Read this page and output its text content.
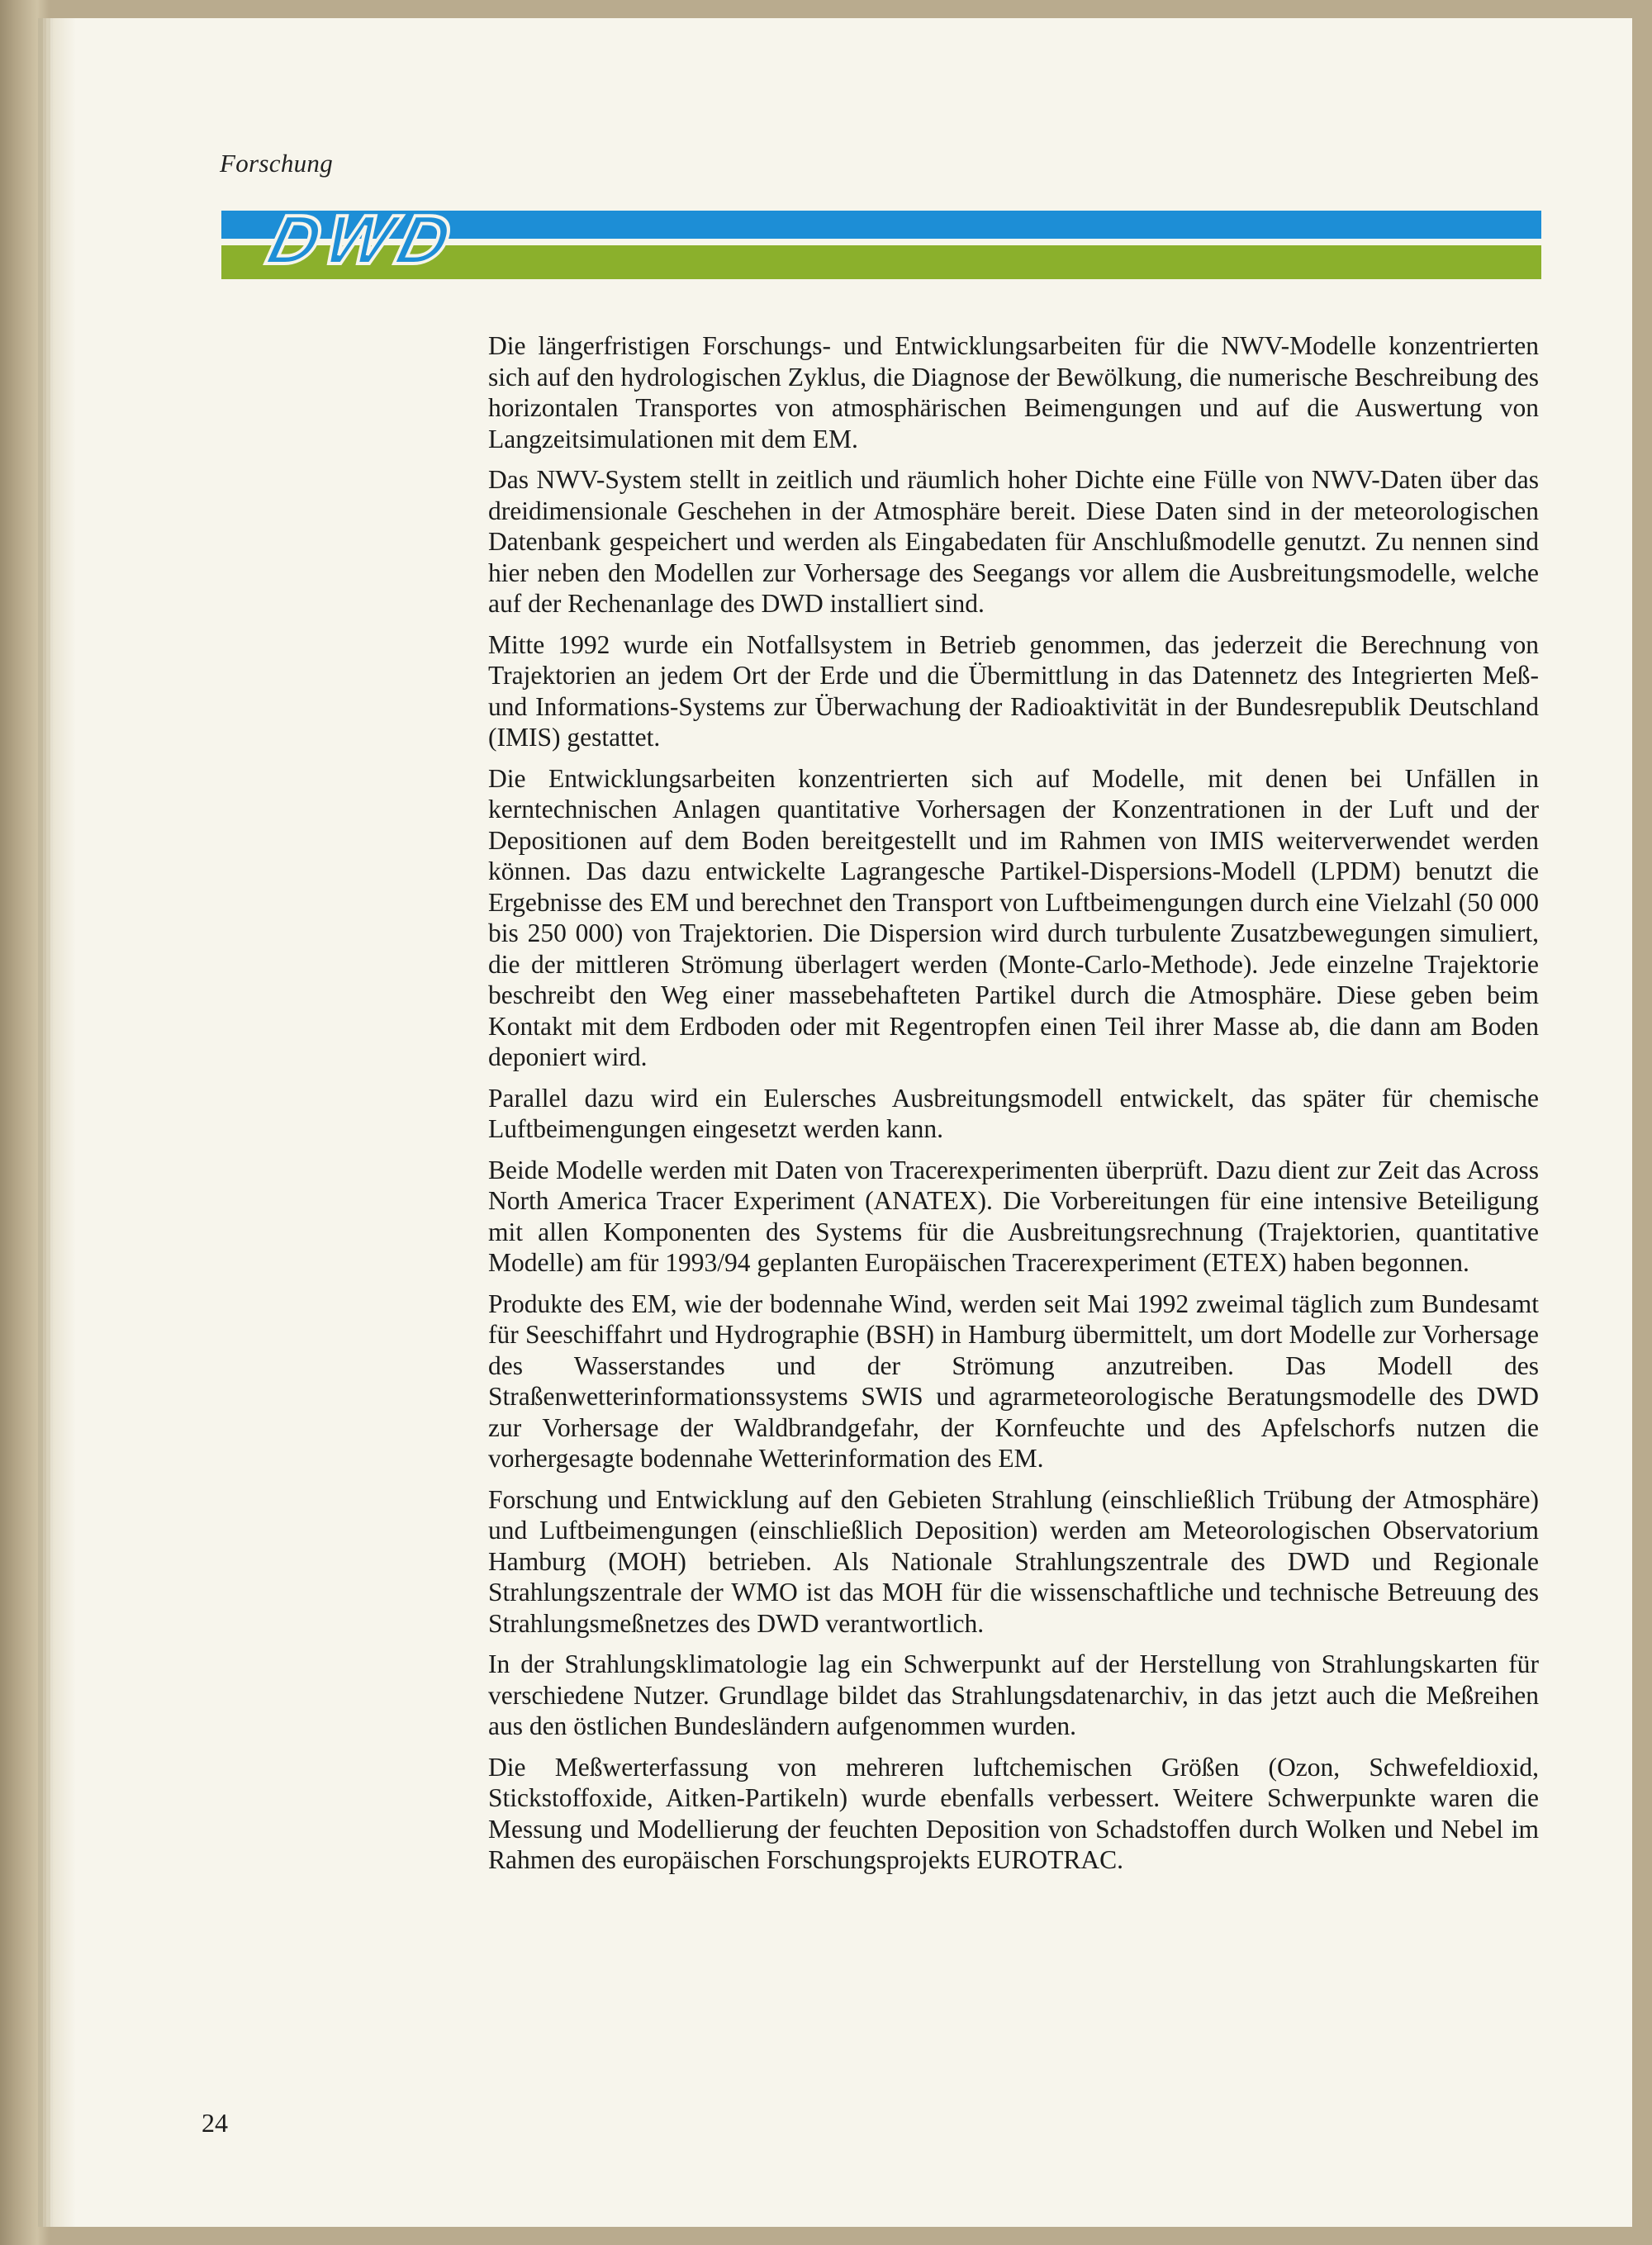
Forschung
DWD

Die längerfristigen Forschungs- und Entwicklungsarbeiten für die NWV-Modelle konzentrierten sich auf den hydrologischen Zyklus, die Diagnose der Bewölkung, die numerische Beschreibung des horizontalen Transportes von atmosphärischen Beimengungen und auf die Auswertung von Langzeitsimulationen mit dem EM.

Das NWV-System stellt in zeitlich und räumlich hoher Dichte eine Fülle von NWV-Daten über das dreidimensionale Geschehen in der Atmosphäre bereit. Diese Daten sind in der meteorologischen Datenbank gespeichert und werden als Eingabedaten für Anschlußmodelle genutzt. Zu nennen sind hier neben den Modellen zur Vorhersage des Seegangs vor allem die Ausbreitungsmodelle, welche auf der Rechenanlage des DWD installiert sind.

Mitte 1992 wurde ein Notfallsystem in Betrieb genommen, das jederzeit die Berechnung von Trajektorien an jedem Ort der Erde und die Übermittlung in das Datennetz des Integrierten Meß- und Informations-Systems zur Überwachung der Radioaktivität in der Bundesrepublik Deutschland (IMIS) gestattet.

Die Entwicklungsarbeiten konzentrierten sich auf Modelle, mit denen bei Unfällen in kerntechnischen Anlagen quantitative Vorhersagen der Konzentrationen in der Luft und der Depositionen auf dem Boden bereitgestellt und im Rahmen von IMIS weiterverwendet werden können. Das dazu entwickelte Lagrangesche Partikel-Dispersions-Modell (LPDM) benutzt die Ergebnisse des EM und berechnet den Transport von Luftbeimengungen durch eine Vielzahl (50 000 bis 250 000) von Trajektorien. Die Dispersion wird durch turbulente Zusatzbewegungen simuliert, die der mittleren Strömung überlagert werden (Monte-Carlo-Methode). Jede einzelne Trajektorie beschreibt den Weg einer massebehafteten Partikel durch die Atmosphäre. Diese geben beim Kontakt mit dem Erdboden oder mit Regentropfen einen Teil ihrer Masse ab, die dann am Boden deponiert wird.

Parallel dazu wird ein Eulersches Ausbreitungsmodell entwickelt, das später für chemische Luftbeimengungen eingesetzt werden kann.

Beide Modelle werden mit Daten von Tracerexperimenten überprüft. Dazu dient zur Zeit das Across North America Tracer Experiment (ANATEX). Die Vorbereitungen für eine intensive Beteiligung mit allen Komponenten des Systems für die Ausbreitungsrechnung (Trajektorien, quantitative Modelle) am für 1993/94 geplanten Europäischen Tracerexperiment (ETEX) haben begonnen.

Produkte des EM, wie der bodennahe Wind, werden seit Mai 1992 zweimal täglich zum Bundesamt für Seeschiffahrt und Hydrographie (BSH) in Hamburg übermittelt, um dort Modelle zur Vorhersage des Wasserstandes und der Strömung anzutreiben. Das Modell des Straßenwetterinformationssystems SWIS und agrarmeteorologische Beratungsmodelle des DWD zur Vorhersage der Waldbrandgefahr, der Kornfeuchte und des Apfelschorfs nutzen die vorhergesagte bodennahe Wetterinformation des EM.

Forschung und Entwicklung auf den Gebieten Strahlung (einschließlich Trübung der Atmosphäre) und Luftbeimengungen (einschließlich Deposition) werden am Meteorologischen Observatorium Hamburg (MOH) betrieben. Als Nationale Strahlungszentrale des DWD und Regionale Strahlungszentrale der WMO ist das MOH für die wissenschaftliche und technische Betreuung des Strahlungsmeßnetzes des DWD verantwortlich.

In der Strahlungsklimatologie lag ein Schwerpunkt auf der Herstellung von Strahlungskarten für verschiedene Nutzer. Grundlage bildet das Strahlungsdatenarchiv, in das jetzt auch die Meßreihen aus den östlichen Bundesländern aufgenommen wurden.

Die Meßwerterfassung von mehreren luftchemischen Größen (Ozon, Schwefeldioxid, Stickstoffoxide, Aitken-Partikeln) wurde ebenfalls verbessert. Weitere Schwerpunkte waren die Messung und Modellierung der feuchten Deposition von Schadstoffen durch Wolken und Nebel im Rahmen des europäischen Forschungsprojekts EUROTRAC.

24
